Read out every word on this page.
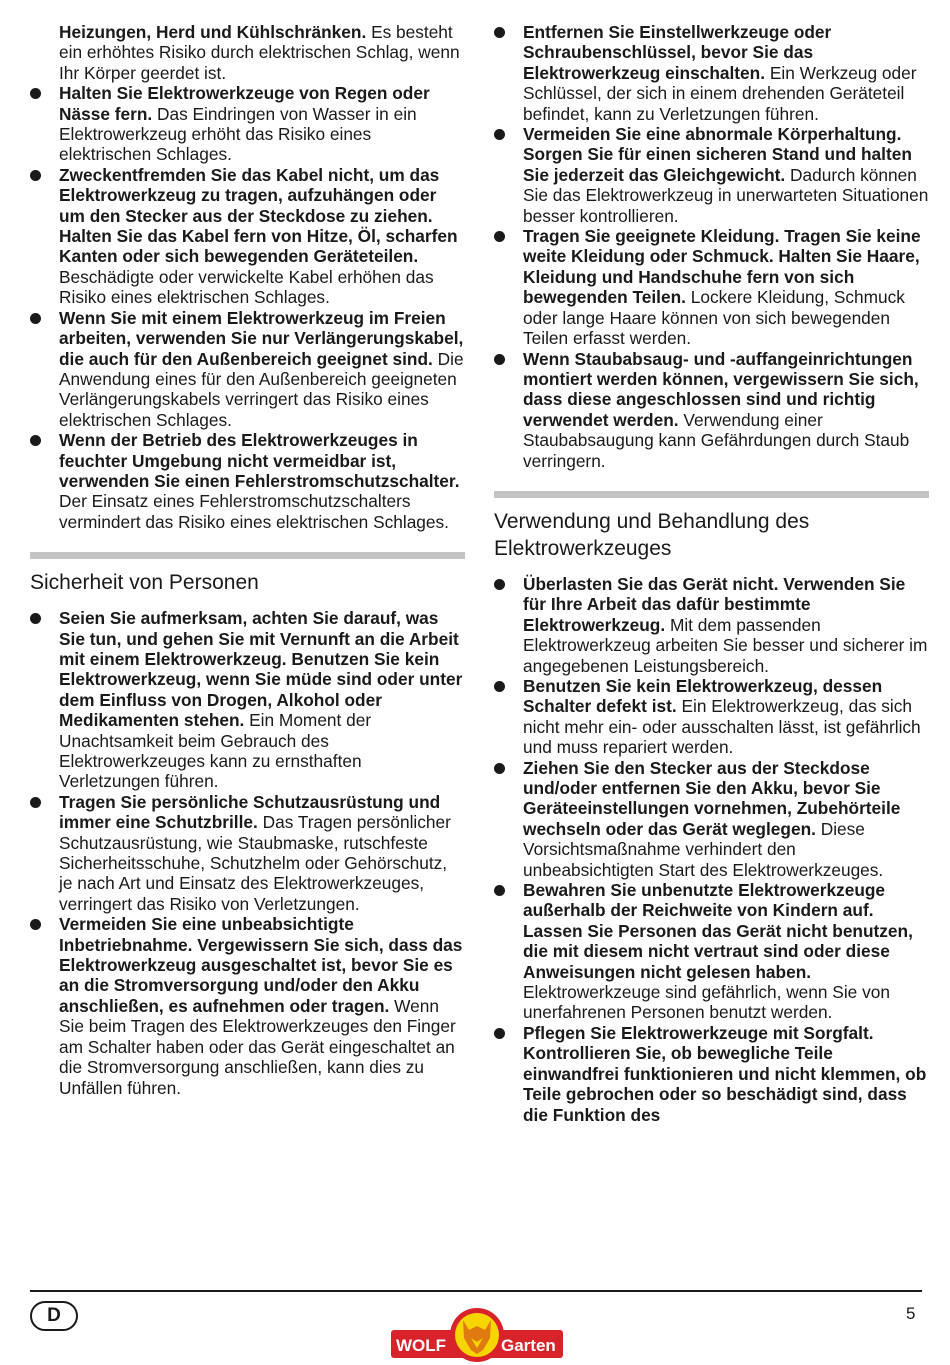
Heizungen, Herd und Kühlschränken. Es besteht ein erhöhtes Risiko durch elektrischen Schlag, wenn Ihr Körper geerdet ist.

Halten Sie Elektrowerkzeuge von Regen oder Nässe fern. Das Eindringen von Wasser in ein Elektrowerkzeug erhöht das Risiko eines elektrischen Schlages.

Zweckentfremden Sie das Kabel nicht, um das Elektrowerkzeug zu tragen, aufzuhängen oder um den Stecker aus der Steckdose zu ziehen. Halten Sie das Kabel fern von Hitze, Öl, scharfen Kanten oder sich bewegenden Geräteteilen. Beschädigte oder verwickelte Kabel erhöhen das Risiko eines elektrischen Schlages.

Wenn Sie mit einem Elektrowerkzeug im Freien arbeiten, verwenden Sie nur Verlängerungskabel, die auch für den Außenbereich geeignet sind. Die Anwendung eines für den Außenbereich geeigneten Verlängerungskabels verringert das Risiko eines elektrischen Schlages.

Wenn der Betrieb des Elektrowerkzeuges in feuchter Umgebung nicht vermeidbar ist, verwenden Sie einen Fehlerstromschutzschalter. Der Einsatz eines Fehlerstromschutzschalters vermindert das Risiko eines elektrischen Schlages.

Sicherheit von Personen

Seien Sie aufmerksam, achten Sie darauf, was Sie tun, und gehen Sie mit Vernunft an die Arbeit mit einem Elektrowerkzeug. Benutzen Sie kein Elektrowerkzeug, wenn Sie müde sind oder unter dem Einfluss von Drogen, Alkohol oder Medikamenten stehen. Ein Moment der Unachtsamkeit beim Gebrauch des Elektrowerkzeuges kann zu ernsthaften Verletzungen führen.

Tragen Sie persönliche Schutzausrüstung und immer eine Schutzbrille. Das Tragen persönlicher Schutzausrüstung, wie Staubmaske, rutschfeste Sicherheitsschuhe, Schutzhelm oder Gehörschutz, je nach Art und Einsatz des Elektrowerkzeuges, verringert das Risiko von Verletzungen.

Vermeiden Sie eine unbeabsichtigte Inbetriebnahme. Vergewissern Sie sich, dass das Elektrowerkzeug ausgeschaltet ist, bevor Sie es an die Stromversorgung und/oder den Akku anschließen, es aufnehmen oder tragen. Wenn Sie beim Tragen des Elektrowerkzeuges den Finger am Schalter haben oder das Gerät eingeschaltet an die Stromversorgung anschließen, kann dies zu Unfällen führen.

Entfernen Sie Einstellwerkzeuge oder Schraubenschlüssel, bevor Sie das Elektrowerkzeug einschalten. Ein Werkzeug oder Schlüssel, der sich in einem drehenden Geräteteil befindet, kann zu Verletzungen führen.

Vermeiden Sie eine abnormale Körperhaltung. Sorgen Sie für einen sicheren Stand und halten Sie jederzeit das Gleichgewicht. Dadurch können Sie das Elektrowerkzeug in unerwarteten Situationen besser kontrollieren.

Tragen Sie geeignete Kleidung. Tragen Sie keine weite Kleidung oder Schmuck. Halten Sie Haare, Kleidung und Handschuhe fern von sich bewegenden Teilen. Lockere Kleidung, Schmuck oder lange Haare können von sich bewegenden Teilen erfasst werden.

Wenn Staubabsaug- und -auffangeinrichtungen montiert werden können, vergewissern Sie sich, dass diese angeschlossen sind und richtig verwendet werden. Verwendung einer Staubabsaugung kann Gefährdungen durch Staub verringern.

Verwendung und Behandlung des Elektrowerkzeuges

Überlasten Sie das Gerät nicht. Verwenden Sie für Ihre Arbeit das dafür bestimmte Elektrowerkzeug. Mit dem passenden Elektrowerkzeug arbeiten Sie besser und sicherer im angegebenen Leistungsbereich.

Benutzen Sie kein Elektrowerkzeug, dessen Schalter defekt ist. Ein Elektrowerkzeug, das sich nicht mehr ein- oder ausschalten lässt, ist gefährlich und muss repariert werden.

Ziehen Sie den Stecker aus der Steckdose und/oder entfernen Sie den Akku, bevor Sie Geräteeinstellungen vornehmen, Zubehörteile wechseln oder das Gerät weglegen. Diese Vorsichtsmaßnahme verhindert den unbeabsichtigten Start des Elektrowerkzeuges.

Bewahren Sie unbenutzte Elektrowerkzeuge außerhalb der Reichweite von Kindern auf. Lassen Sie Personen das Gerät nicht benutzen, die mit diesem nicht vertraut sind oder diese Anweisungen nicht gelesen haben. Elektrowerkzeuge sind gefährlich, wenn Sie von unerfahrenen Personen benutzt werden.

Pflegen Sie Elektrowerkzeuge mit Sorgfalt. Kontrollieren Sie, ob bewegliche Teile einwandfrei funktionieren und nicht klemmen, ob Teile gebrochen oder so beschädigt sind, dass die Funktion des

D	5
WOLF	Garten
